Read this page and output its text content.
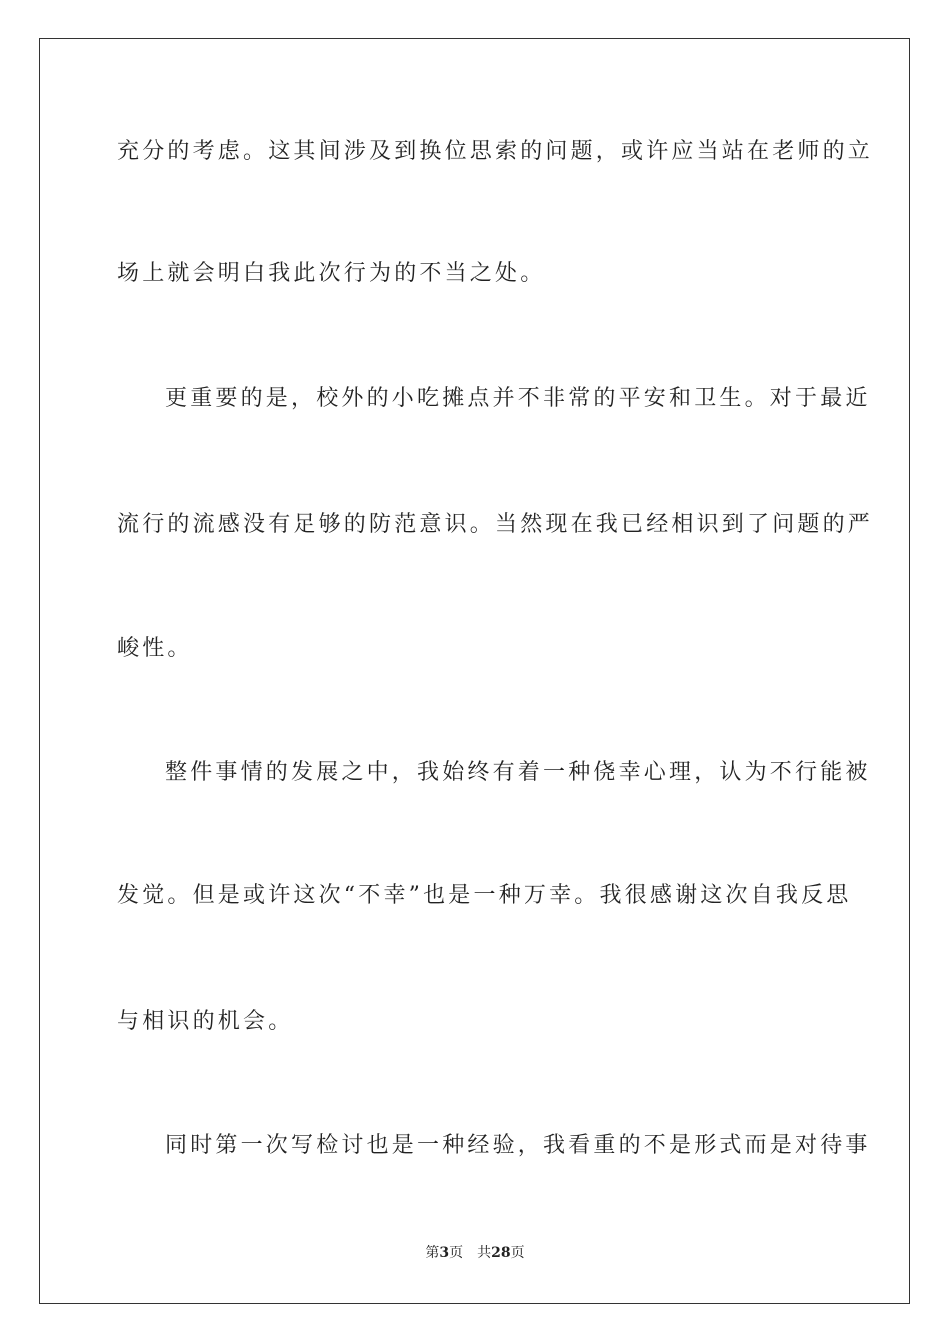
充分的考虑。这其间涉及到换位思索的问题，或许应当站在老师的立
场上就会明白我此次行为的不当之处。
更重要的是，校外的小吃摊点并不非常的平安和卫生。对于最近
流行的流感没有足够的防范意识。当然现在我已经相识到了问题的严
峻性。
整件事情的发展之中，我始终有着一种侥幸心理，认为不行能被
发觉。但是或许这次“不幸”也是一种万幸。我很感谢这次自我反思
与相识的机会。
同时第一次写检讨也是一种经验，我看重的不是形式而是对待事
第3页 共28页
